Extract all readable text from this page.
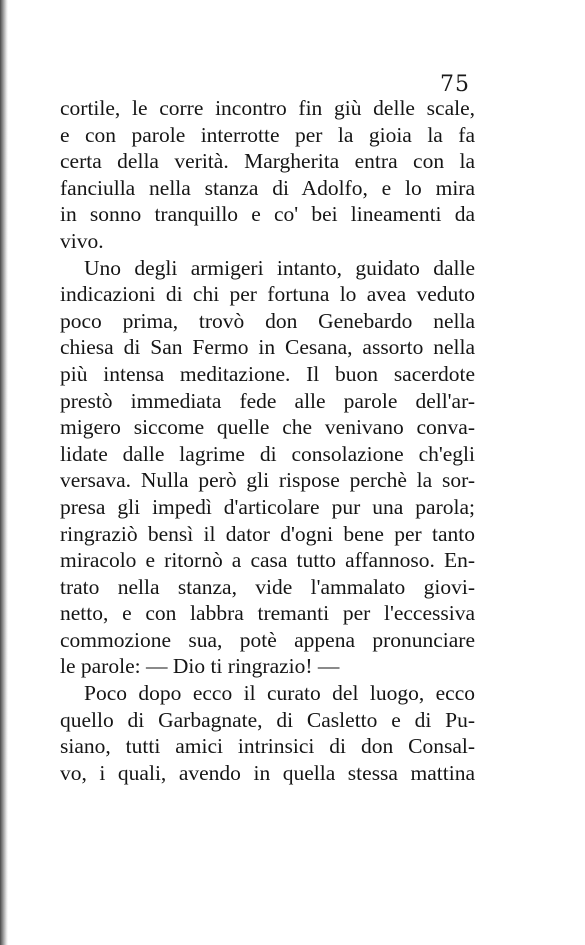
75
cortile, le corre incontro fin giù delle scale,
e con parole interrotte per la gioia la fa
certa della verità. Margherita entra con la
fanciulla nella stanza di Adolfo, e lo mira
in sonno tranquillo e co' bei lineamenti da
vivo.
Uno degli armigeri intanto, guidato dalle
indicazioni di chi per fortuna lo avea veduto
poco prima, trovò don Genebardo nella
chiesa di San Fermo in Cesana, assorto nella
più intensa meditazione. Il buon sacerdote
prestò immediata fede alle parole dell'ar-
migero siccome quelle che venivano conva-
lidate dalle lagrime di consolazione ch'egli
versava. Nulla però gli rispose perchè la sor-
presa gli impedì d'articolare pur una parola;
ringraziò bensì il dator d'ogni bene per tanto
miracolo e ritornò a casa tutto affannoso. En-
trato nella stanza, vide l'ammalato giovi-
netto, e con labbra tremanti per l'eccessiva
commozione sua, potè appena pronunciare
le parole: — Dio ti ringrazio! —
Poco dopo ecco il curato del luogo, ecco
quello di Garbagnate, di Casletto e di Pu-
siano, tutti amici intrinsici di don Consal-
vo, i quali, avendo in quella stessa mattina
